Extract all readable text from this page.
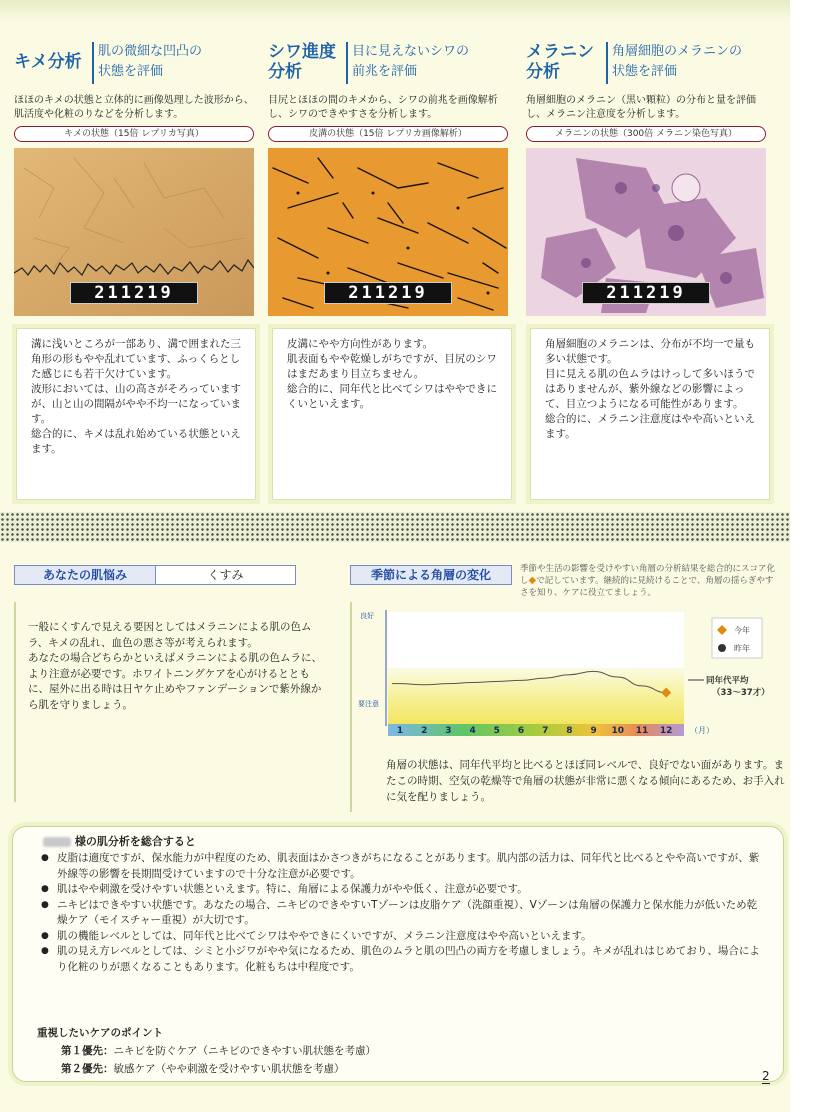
キメ分析
肌の微細な凹凸の
状態を評価
ほほのキメの状態と立体的に画像処理した波形から、肌活度や化粧のりなどを分析します。
キメの状態（15倍 レプリカ写真）
211219

溝に浅いところが一部あり、溝で囲まれた三角形の形もやや乱れています、ふっくらとした感じにも若干欠けています。
波形においては、山の高さがそろっていますが、山と山の間隔がやや不均一になっています。
総合的に、キメは乱れ始めている状態といえます。

シワ進度分析
目に見えないシワの
前兆を評価
目尻とほほの間のキメから、シワの前兆を画像解析し、シワのできやすさを分析します。
皮溝の状態（15倍 レプリカ画像解析）
211219

皮溝にやや方向性があります。
肌表面もやや乾燥しがちですが、目尻のシワはまだあまり目立ちません。
総合的に、同年代と比べてシワはややできにくいといえます。

メラニン分析
角層細胞のメラニンの
状態を評価
角層細胞のメラニン（黒い顆粒）の分布と量を評価し、メラニン注意度を分析します。
メラニンの状態（300倍 メラニン染色写真）
211219

角層細胞のメラニンは、分布が不均一で量も多い状態です。
目に見える肌の色ムラはけっして多いほうではありませんが、紫外線などの影響によって、目立つようになる可能性があります。
総合的に、メラニン注意度はやや高いといえます。

あなたの肌悩み	くすみ
一般にくすんで見える要因としてはメラニンによる肌の色ムラ、キメの乱れ、血色の悪さ等が考えられます。
あなたの場合どちらかといえばメラニンによる肌の色ムラに、より注意が必要です。ホワイトニングケアを心がけるとともに、屋外に出る時は日ヤケ止めやファンデーションで紫外線から肌を守りましょう。
季節による角層の変化	季節や生活の影響を受けやすい角層の分析結果を総合的にスコア化し◆で記しています。継続的に見続けることで、角層の揺らぎやすさを知り、ケアに役立てましょう。
良好
要注意
1 2 3 4 5 6 7 8 9 10 11 12 （月）
同年代平均
（33〜37才）
今年
昨年
角層の状態は、同年代平均と比べるとほぼ同レベルで、良好でない面があります。またこの時期、空気の乾燥等で角層の状態が非常に悪くなる傾向にあるため、お手入れに気を配りましょう。
様の肌分析を総合すると
● 皮脂は適度ですが、保水能力が中程度のため、肌表面はかさつきがちになることがあります。肌内部の活力は、同年代と比べるとやや高いですが、紫外線等の影響を長期間受けていますので十分な注意が必要です。
● 肌はやや刺激を受けやすい状態といえます。特に、角層による保護力がやや低く、注意が必要です。
● ニキビはできやすい状態です。あなたの場合、ニキビのできやすいTゾーンは皮脂ケア（洗顔重視）、Vゾーンは角層の保護力と保水能力が低いため乾燥ケア（モイスチャー重視）が大切です。
● 肌の機能レベルとしては、同年代と比べてシワはややできにくいですが、メラニン注意度はやや高いといえます。
● 肌の見え方レベルとしては、シミと小ジワがやや気になるため、肌色のムラと肌の凹凸の両方を考慮しましょう。キメが乱れはじめており、場合により化粧のりが悪くなることもあります。化粧もちは中程度です。
重視したいケアのポイント
第１優先：ニキビを防ぐケア（ニキビのできやすい肌状態を考慮）
第２優先：敏感ケア（やや刺激を受けやすい肌状態を考慮）	2
